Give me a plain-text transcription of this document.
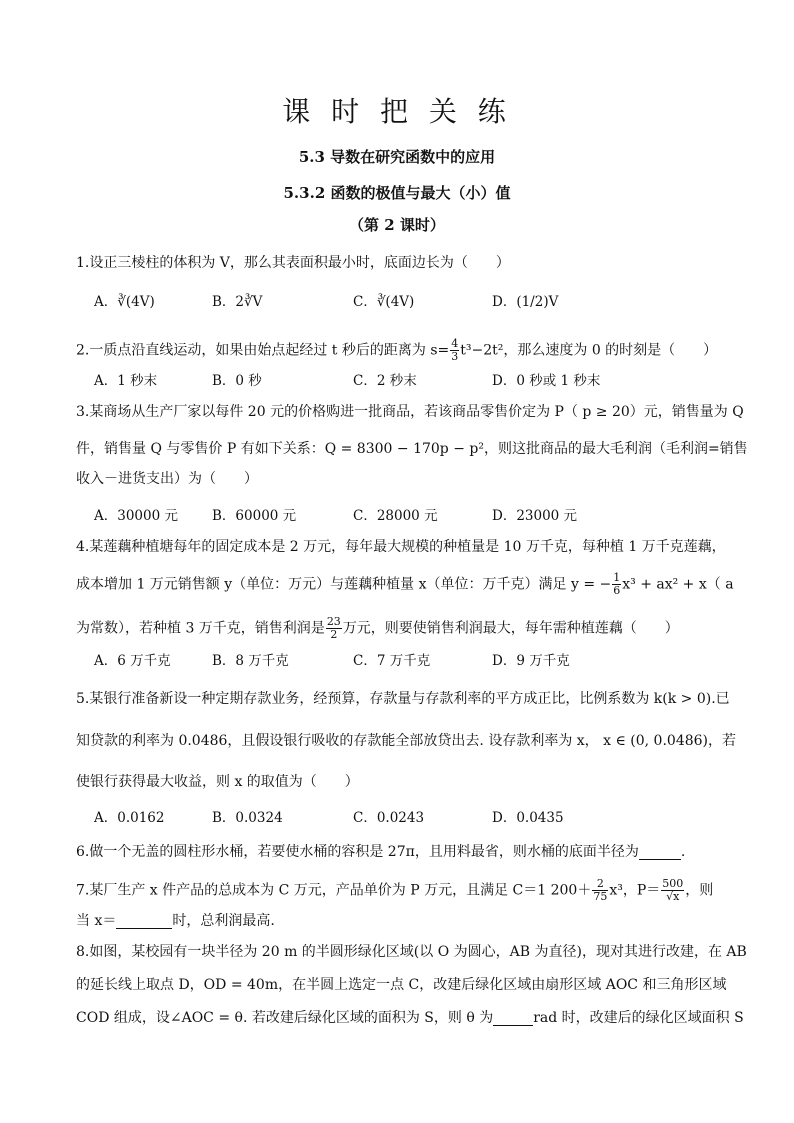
课 时 把 关 练
5.3 导数在研究函数中的应用
5.3.2 函数的极值与最大（小）值
（第 2 课时）
1.设正三棱柱的体积为 V，那么其表面积最小时，底面边长为（　　）
A．∛(4V)	B．2∛V	C．∛(4V)	D．(1/2)V
2.一质点沿直线运动，如果由始点起经过 t 秒后的距离为 $s= \frac{4}{3} t^3-2t^2$，那么速度为 0 的时刻是（　　）
A．1 秒末	B．0 秒	C．2 秒末	D．0 秒或 1 秒末
3.某商场从生产厂家以每件 20 元的价格购进一批商品，若该商品零售价定为 P（ p ≥ 20）元，销售量为 Q
件，销售量 Q 与零售价 P 有如下关系：Q = 8300 − 170p − p²，则这批商品的最大毛利润（毛利润=销售
收入－进货支出）为（　　）
A．30000 元	B．60000 元	C．28000 元	D．23000 元
4.某莲藕种植塘每年的固定成本是 2 万元，每年最大规模的种植量是 10 万千克，每种植 1 万千克莲藕，
成本增加 1 万元销售额 y（单位：万元）与莲藕种植量 x（单位：万千克）满足 y = − $\frac{1}{6} x^3 + ax^2 + x$（ a
为常数），若种植 3 万千克，销售利润是 $\frac{23}{2}$ 万元，则要使销售利润最大，每年需种植莲藕（　　）
A．6 万千克	B．8 万千克	C．7 万千克	D．9 万千克
5.某银行准备新设一种定期存款业务，经预算，存款量与存款利率的平方成正比，比例系数为 k(k > 0).已
知贷款的利率为 0.0486，且假设银行吸收的存款能全部放贷出去. 设存款利率为 x， x ∈ (0, 0.0486)，若
使银行获得最大收益，则 x 的取值为（　　）
A．0.0162	B．0.0324	C．0.0243	D．0.0435
6.做一个无盖的圆柱形水桶，若要使水桶的容积是 27π，且用料最省，则水桶的底面半径为	.
7.某厂生产 x 件产品的总成本为 C 万元，产品单价为 P 万元，且满足 C＝1 $200+ \frac{2}{75} x^3$，$P= \frac{500}{√x}$ ，则
当 x＝	时，总利润最高.
8.如图，某校园有一块半径为 20 m 的半圆形绿化区域(以 O 为圆心，AB 为直径)，现对其进行改建，在 AB
的延长线上取点 D，OD = 40m，在半圆上选定一点 C，改建后绿化区域由扇形区域 AOC 和三角形区域
COD 组成，设∠AOC = θ. 若改建后绿化区域的面积为 S，则 θ 为	rad 时，改建后的绿化区域面积 S
